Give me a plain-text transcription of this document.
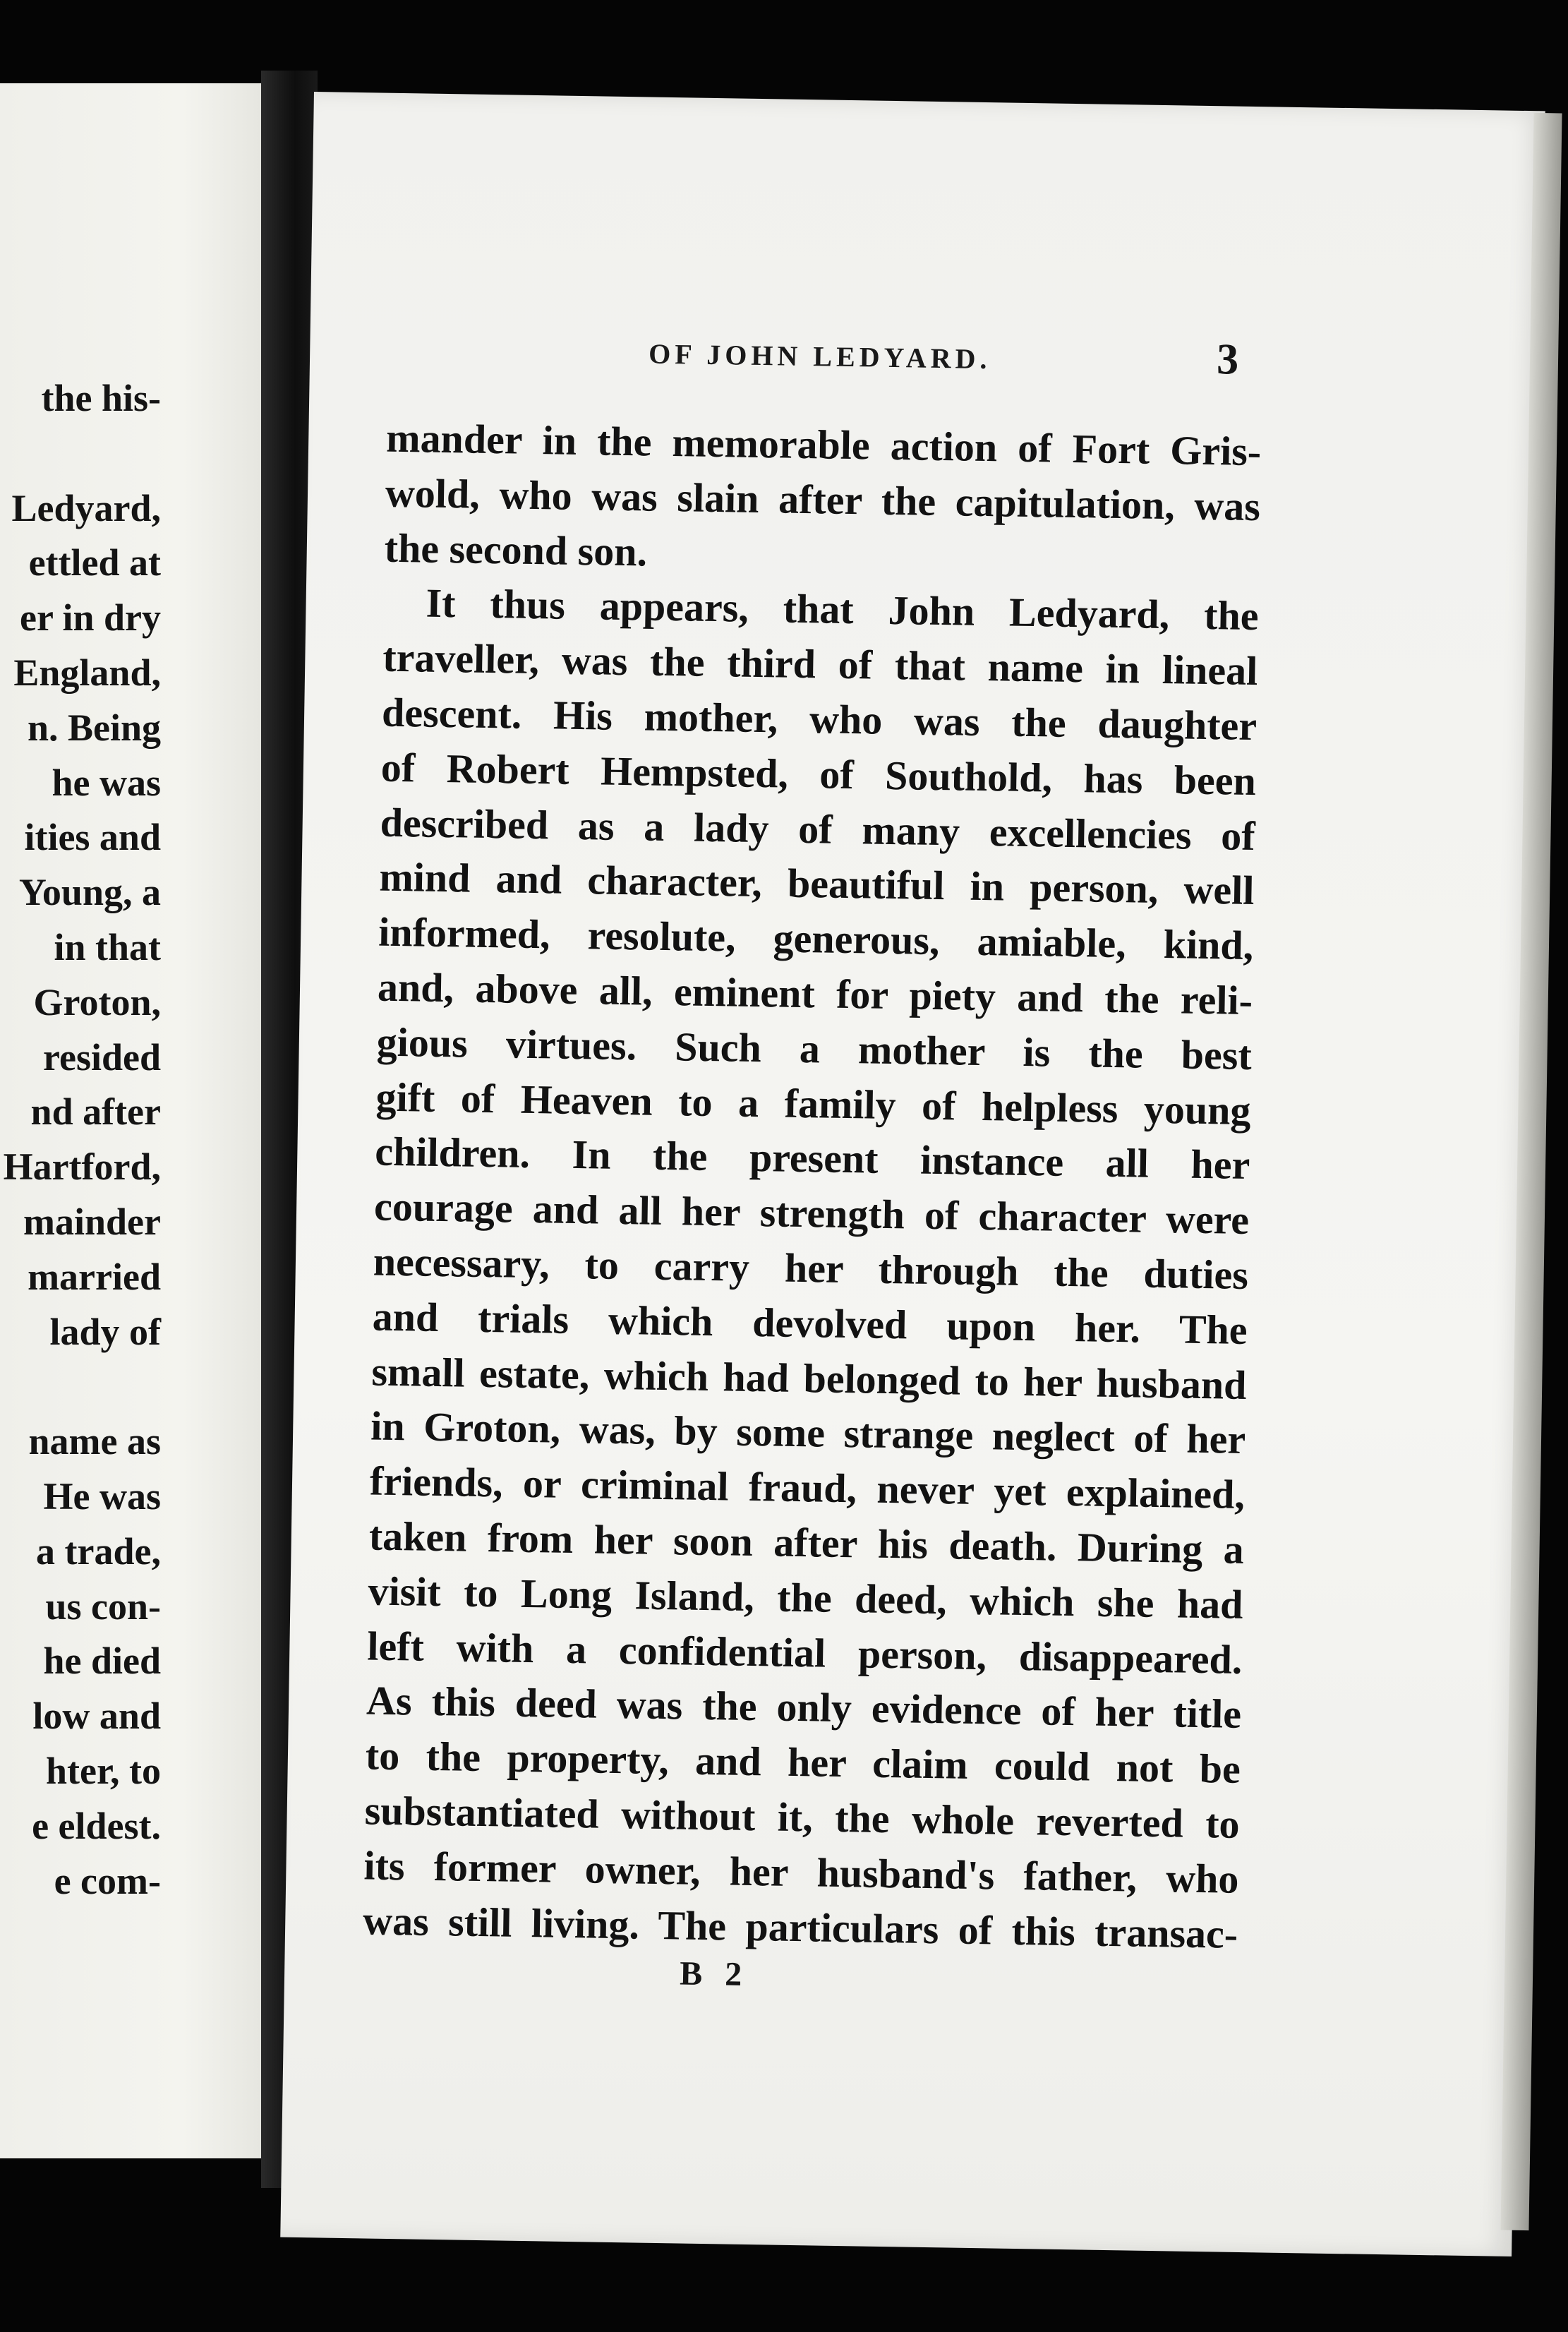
the his-
Ledyard,
ettled at
er in dry
England,
n. Being
he was
ities and
Young, a
in that
Groton,
resided
nd after
Hartford,
mainder
married
lady of
name as
He was
a trade,
us con-
he died
low and
hter, to
e eldest.
e com-
OF JOHN LEDYARD.	3
mander in the memorable action of Fort Gris-
wold, who was slain after the capitulation, was
the second son.
It thus appears, that John Ledyard, the
traveller, was the third of that name in lineal
descent. His mother, who was the daughter
of Robert Hempsted, of Southold, has been
described as a lady of many excellencies of
mind and character, beautiful in person, well
informed, resolute, generous, amiable, kind,
and, above all, eminent for piety and the reli-
gious virtues. Such a mother is the best
gift of Heaven to a family of helpless young
children. In the present instance all her
courage and all her strength of character were
necessary, to carry her through the duties
and trials which devolved upon her. The
small estate, which had belonged to her husband
in Groton, was, by some strange neglect of her
friends, or criminal fraud, never yet explained,
taken from her soon after his death. During a
visit to Long Island, the deed, which she had
left with a confidential person, disappeared.
As this deed was the only evidence of her title
to the property, and her claim could not be
substantiated without it, the whole reverted to
its former owner, her husband's father, who
was still living. The particulars of this transac-
B 2
